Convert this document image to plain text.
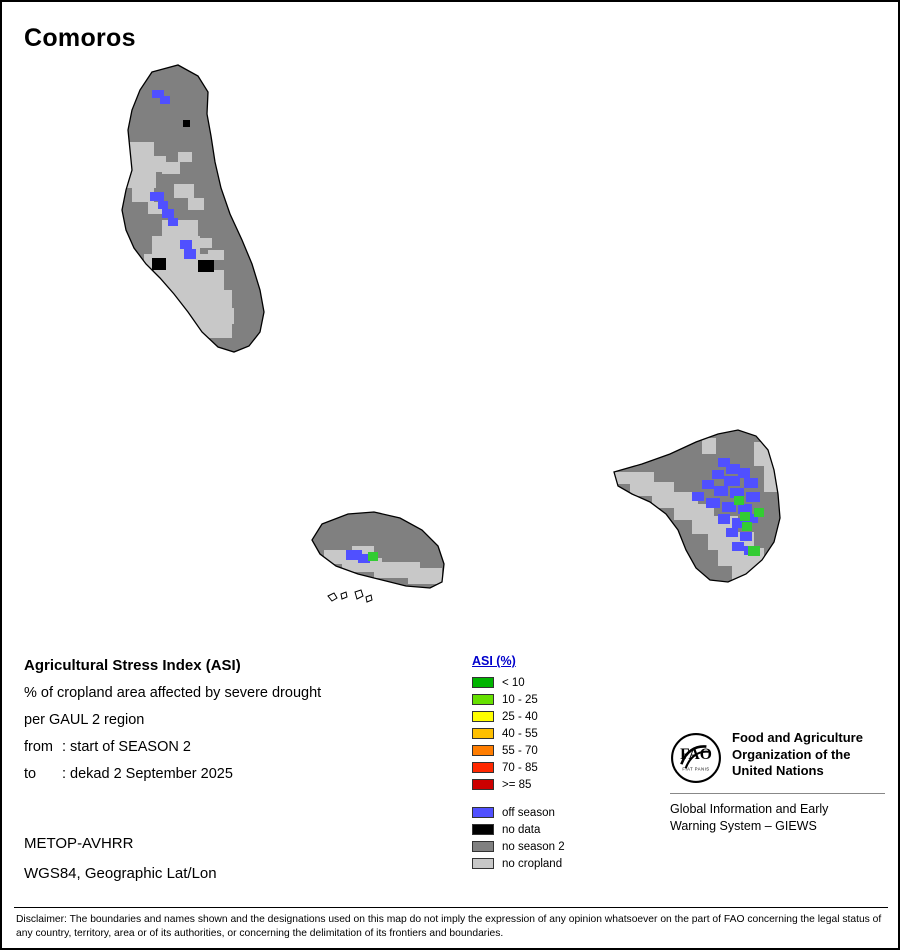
Comoros
Agricultural Stress Index (ASI)
% of cropland area affected by severe drought
per GAUL 2 region
from : start of SEASON 2
to : dekad 2 September 2025
METOP-AVHRR
WGS84, Geographic Lat/Lon
ASI (%)
< 10
10 - 25
25 - 40
40 - 55
55 - 70
70 - 85
>= 85
off season
no data
no season 2
no cropland
FAO
FIAT PANIS
Food and Agriculture
Organization of the
United Nations
Global Information and Early
Warning System – GIEWS
Disclaimer: The boundaries and names shown and the designations used on this map do not imply the expression of any opinion whatsoever on the part of FAO concerning the legal status of any country, territory, area or of its authorities, or concerning the delimitation of its frontiers and boundaries.
